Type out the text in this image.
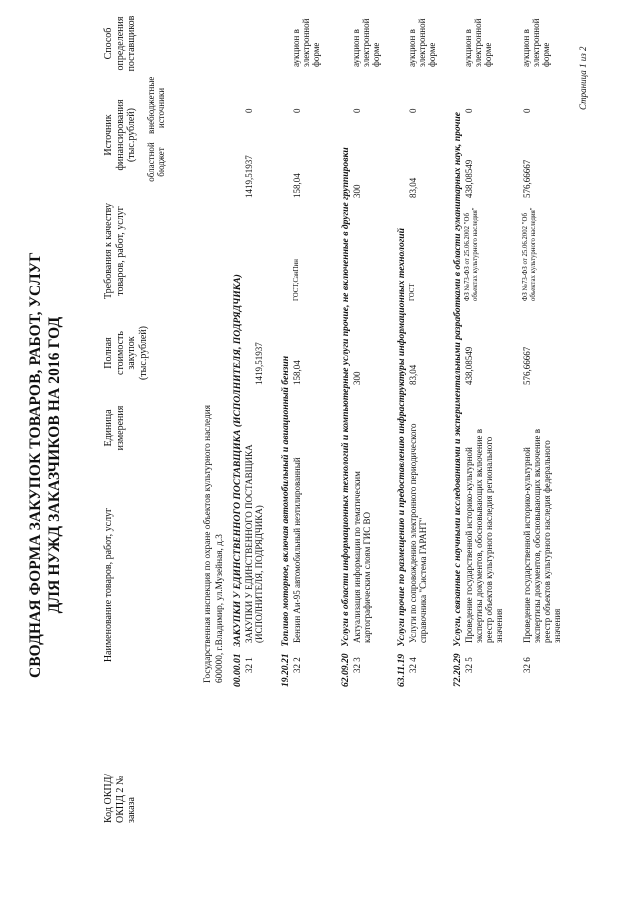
СВОДНАЯ ФОРМА ЗАКУПОК ТОВАРОВ, РАБОТ, УСЛУГ ДЛЯ НУЖД ЗАКАЗЧИКОВ НА 2016 ГОД
Код ОКПД/ ОКПД 2 № заказа
Наименование товаров, работ, услуг
Единица измерения
Полная стоимость закупок (тыс.рублей)
Требования к качеству товаров, работ, услуг
Источник финансирования (тыс.рублей) областной бюджет
внебюджетные источники
Способ определения поставщиков
Государственная инспекция по охране объектов культурного наследия 600000, г.Владимир, ул.Музейная, д.3 00.00.01 ЗАКУПКИ У ЕДИНСТВЕННОГО ПОСТАВЩИКА (ИСПОЛНИТЕЛЯ, ПОДРЯДЧИКА)
32 1
ЗАКУПКИ У ЕДИНСТВЕННОГО ПОСТАВЩИКА (ИСПОЛНИТЕЛЯ, ПОДРЯДЧИКА)
1419,51937
1419,51937
0
19.20.21 Топливо моторное, включая автомобильный и авиационный бензин
32 2
Бензин Аи-95 автомобильный неэтилированный
158,04
ГОСТ,СанПин
158,04
0
аукцион в электронной форме
62.09.20 Услуги в области информационных технологий и компьютерные услуги прочие, не включенные в другие группировки
32 3
Актуализация информации по тематическим картографическим слоям ГИС ВО
300
300
0
аукцион в электронной форме
63.11.19 Услуги прочие по размещению и предоставлению инфраструктуры информационных технологий
32 4
Услуги по сопровождению электронного периодического справочника "Система ГАРАНТ"
83,04
ГОСТ
83,04
0
аукцион в электронной форме
72.20.29 Услуги, связанные с научными исследованиями и экспериментальными разработками в области гуманитарных наук, прочие
32 5
Проведение государственной историко-культурной экспертизы документов, обосновывающих включение в реестр объектов культурного наследия регионального значения
438,08549
ФЗ №73-ФЗ от 25.06.2002 "Об объектах культурного наследия"
438,08549
0
аукцион в электронной форме
32 6
Проведение государственной историко-культурной экспертизы документов, обосновывающих включение в реестр объектов культурного наследия федерального значения
576,66667
ФЗ №73-ФЗ от 25.06.2002 "Об объектах культурного наследия"
576,66667
0
аукцион в электронной форме	Страница 1 из 2
